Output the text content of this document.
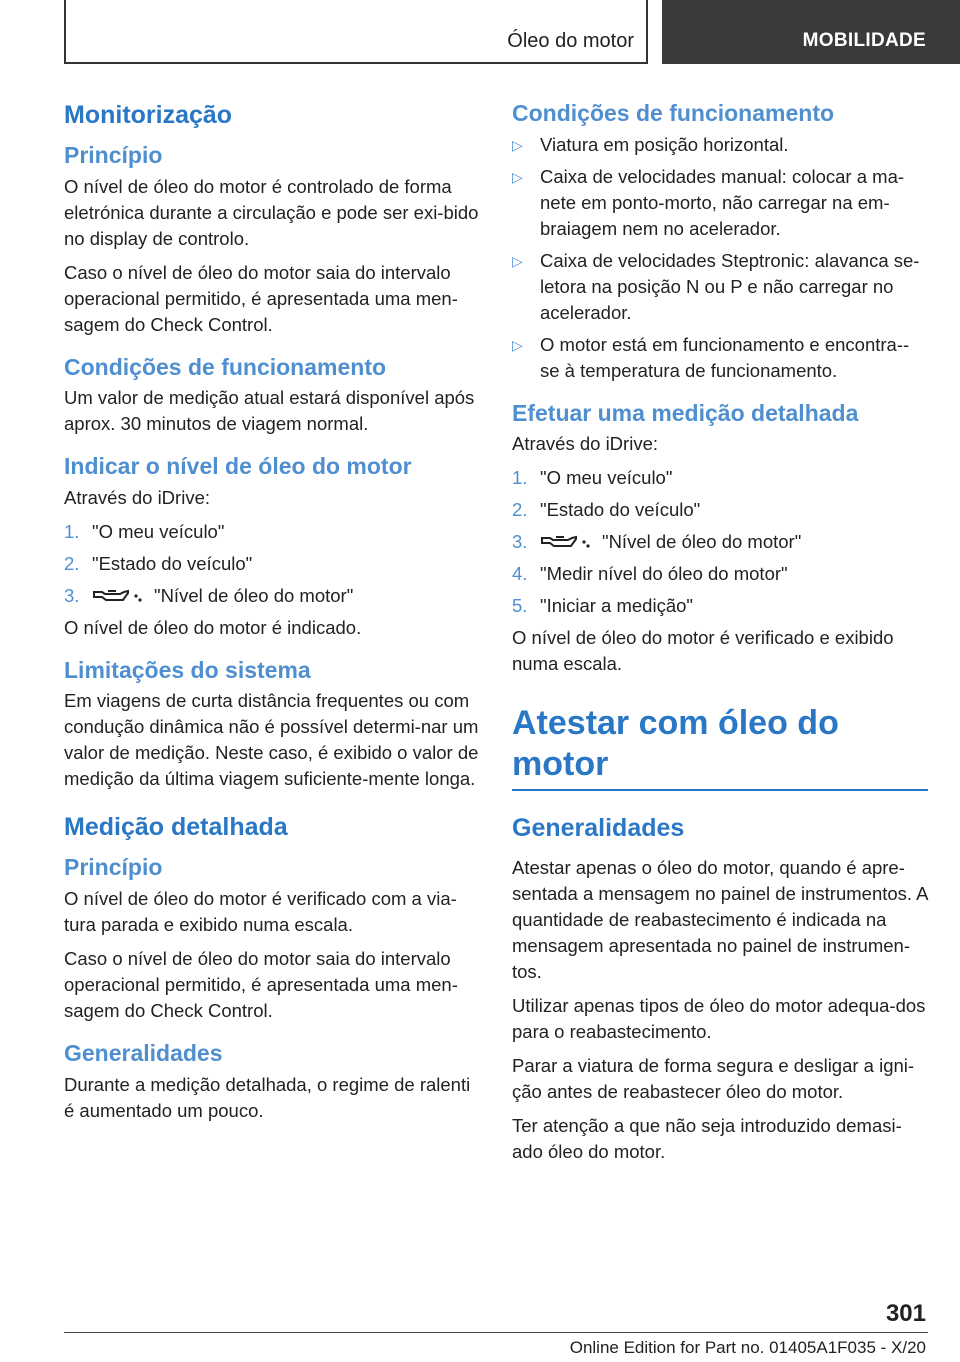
Óleo do motor	MOBILIDADE
Monitorização
Princípio

O nível de óleo do motor é controlado de forma eletrónica durante a circulação e pode ser exi-bido no display de controlo.

Caso o nível de óleo do motor saia do intervalo operacional permitido, é apresentada uma men-sagem do Check Control.

Condições de funcionamento

Um valor de medição atual estará disponível após aprox. 30 minutos de viagem normal.

Indicar o nível de óleo do motor

Através do iDrive:

1. "O meu veículo"
2. "Estado do veículo"
3.	"Nível de óleo do motor"

O nível de óleo do motor é indicado.

Limitações do sistema

Em viagens de curta distância frequentes ou com condução dinâmica não é possível determi-nar um valor de medição. Neste caso, é exibido o valor de medição da última viagem suficiente-mente longa.

Medição detalhada
Princípio

O nível de óleo do motor é verificado com a via-tura parada e exibido numa escala.

Caso o nível de óleo do motor saia do intervalo operacional permitido, é apresentada uma men-sagem do Check Control.

Generalidades

Durante a medição detalhada, o regime de ralenti é aumentado um pouco.

Condições de funcionamento
▷ Viatura em posição horizontal.
▷ Caixa de velocidades manual: colocar a ma-nete em ponto-morto, não carregar na em-braiagem nem no acelerador.
▷ Caixa de velocidades Steptronic: alavanca se-letora na posição N ou P e não carregar no acelerador.
▷ O motor está em funcionamento e encontra--se à temperatura de funcionamento.
Efetuar uma medição detalhada

Através do iDrive:

1. "O meu veículo"
2. "Estado do veículo"
3.	"Nível de óleo do motor"
4. "Medir nível do óleo do motor"
5. "Iniciar a medição"

O nível de óleo do motor é verificado e exibido numa escala.

Atestar com óleo do motor
Generalidades

Atestar apenas o óleo do motor, quando é apre-sentada a mensagem no painel de instrumentos. A quantidade de reabastecimento é indicada na mensagem apresentada no painel de instrumen-tos.

Utilizar apenas tipos de óleo do motor adequa-dos para o reabastecimento.

Parar a viatura de forma segura e desligar a igni-ção antes de reabastecer óleo do motor.

Ter atenção a que não seja introduzido demasi-ado óleo do motor.

301
Online Edition for Part no. 01405A1F035 - X/20
